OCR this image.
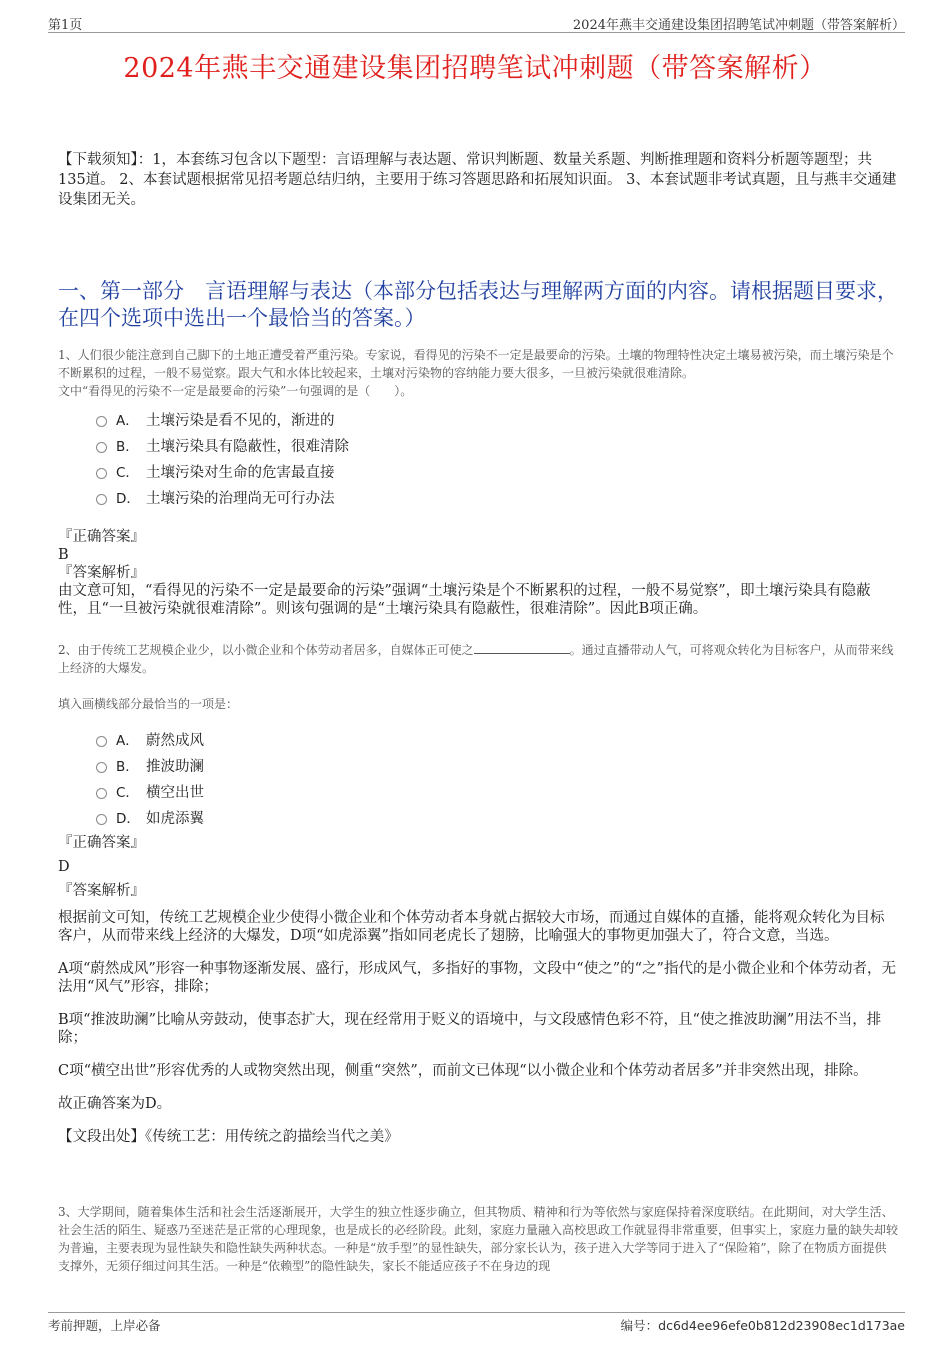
第1页	2024年燕丰交通建设集团招聘笔试冲刺题（带答案解析）
2024年燕丰交通建设集团招聘笔试冲刺题（带答案解析）
【下载须知】：1，本套练习包含以下题型：言语理解与表达题、常识判断题、数量关系题、判断推理题和资料分析题等题型；共135道。 2、本套试题根据常见招考题总结归纳，主要用于练习答题思路和拓展知识面。 3、本套试题非考试真题，且与燕丰交通建设集团无关。
一、第一部分　言语理解与表达（本部分包括表达与理解两方面的内容。请根据题目要求，在四个选项中选出一个最恰当的答案。）
1、人们很少能注意到自己脚下的土地正遭受着严重污染。专家说，看得见的污染不一定是最要命的污染。土壤的物理特性决定土壤易被污染，而土壤污染是个不断累积的过程，一般不易觉察。跟大气和水体比较起来，土壤对污染物的容纳能力要大很多，一旦被污染就很难清除。
文中“看得见的污染不一定是最要命的污染”一句强调的是（　　）。
A． 土壤污染是看不见的，渐进的
B． 土壤污染具有隐蔽性，很难清除
C． 土壤污染对生命的危害最直接
D． 土壤污染的治理尚无可行办法

『正确答案』

B

『答案解析』

由文意可知，“看得见的污染不一定是最要命的污染”强调“土壤污染是个不断累积的过程，一般不易觉察”，即土壤污染具有隐蔽性，且“一旦被污染就很难清除”。则该句强调的是“土壤污染具有隐蔽性，很难清除”。因此B项正确。

2、由于传统工艺规模企业少，以小微企业和个体劳动者居多，自媒体正可使之	。通过直播带动人气，可将观众转化为目标客户，从而带来线上经济的大爆发。
填入画横线部分最恰当的一项是：
A． 蔚然成风
B． 推波助澜
C． 横空出世
D． 如虎添翼

『正确答案』

D

『答案解析』

根据前文可知，传统工艺规模企业少使得小微企业和个体劳动者本身就占据较大市场，而通过自媒体的直播，能将观众转化为目标客户，从而带来线上经济的大爆发，D项“如虎添翼”指如同老虎长了翅膀，比喻强大的事物更加强大了，符合文意，当选。

A项“蔚然成风”形容一种事物逐渐发展、盛行，形成风气，多指好的事物，文段中“使之”的“之”指代的是小微企业和个体劳动者，无法用“风气”形容，排除；

B项“推波助澜”比喻从旁鼓动，使事态扩大，现在经常用于贬义的语境中，与文段感情色彩不符，且“使之推波助澜”用法不当，排除；

C项“横空出世”形容优秀的人或物突然出现，侧重“突然”，而前文已体现“以小微企业和个体劳动者居多”并非突然出现，排除。

故正确答案为D。

【文段出处】《传统工艺：用传统之韵描绘当代之美》

3、大学期间，随着集体生活和社会生活逐渐展开，大学生的独立性逐步确立，但其物质、精神和行为等依然与家庭保持着深度联结。在此期间，对大学生活、社会生活的陌生、疑惑乃至迷茫是正常的心理现象，也是成长的必经阶段。此刻，家庭力量融入高校思政工作就显得非常重要，但事实上，家庭力量的缺失却较为普遍，主要表现为显性缺失和隐性缺失两种状态。一种是“放手型”的显性缺失，部分家长认为，孩子进入大学等同于进入了“保险箱”，除了在物质方面提供支撑外，无须仔细过问其生活。一种是“依赖型”的隐性缺失，家长不能适应孩子不在身边的现
考前押题，上岸必备	编号：dc6d4ee96efe0b812d23908ec1d173ae
